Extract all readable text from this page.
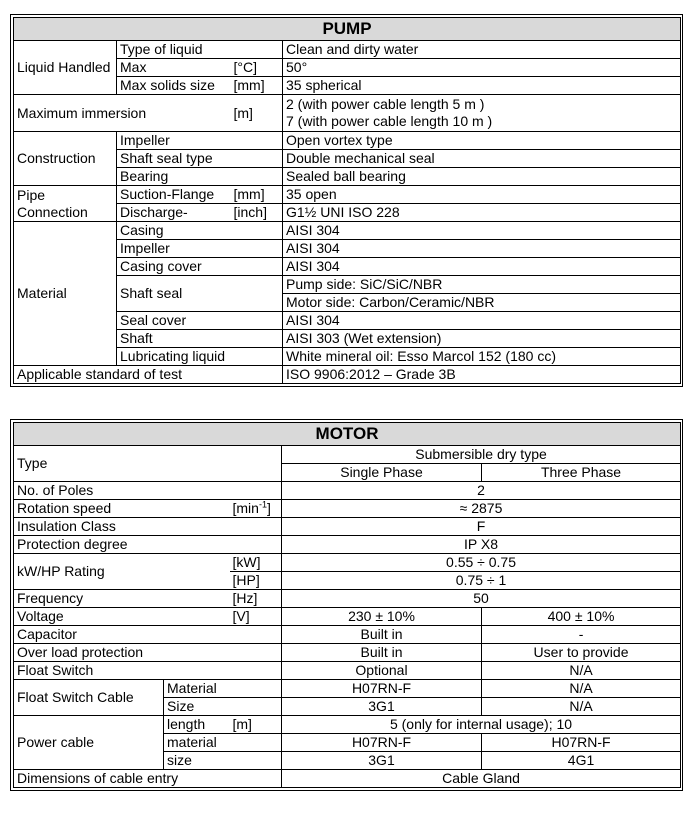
PUMP			
Liquid Handled	Type of liquid		Clean and dirty water
	Max	[°C]	50°
	Max solids size	[mm]	35 spherical
Maximum immersion		[m]	2 (with power cable length 5 m )
7 (with power cable length 10 m )

Construction	Impeller		Open vortex type
	Shaft seal type		Double mechanical seal
	Bearing		Sealed ball bearing
Pipe Connection	Suction-Flange	[mm]	35 open
	Discharge-	[inch]	G1½ UNI ISO 228
Material	Casing		AISI 304
	Impeller		AISI 304
	Casing cover		AISI 304
	Shaft seal		Pump side: SiC/SiC/NBR
			Motor side: Carbon/Ceramic/NBR
	Seal cover		AISI 304
	Shaft		AISI 303 (Wet extension)
	Lubricating liquid		White mineral oil: Esso Marcol 152 (180 cc)
Applicable standard of test			ISO 9906:2012 – Grade 3B
MOTOR				
Type			Submersible dry type	
			Single Phase	Three Phase
No. of Poles			2	
Rotation speed		$[\min^{-1}]$	≈ 2875	
Insulation Class			F	
Protection degree			IP X8	
kW/HP Rating		[kW]	0.55 ÷ 0.75	
		[HP]	0.75 ÷ 1	
Frequency		[Hz]	50	
Voltage		[V]	230 ± 10%	400 ± 10%
Capacitor			Built in	-
Over load protection			Built in	User to provide
Float Switch			Optional	N/A
Float Switch Cable	Material		H07RN-F	N/A
	Size		3G1	N/A
Power cable	length	[m]	5 (only for internal usage); 10	
	material		H07RN-F	H07RN-F
	size		3G1	4G1
Dimensions of cable entry			Cable Gland	
